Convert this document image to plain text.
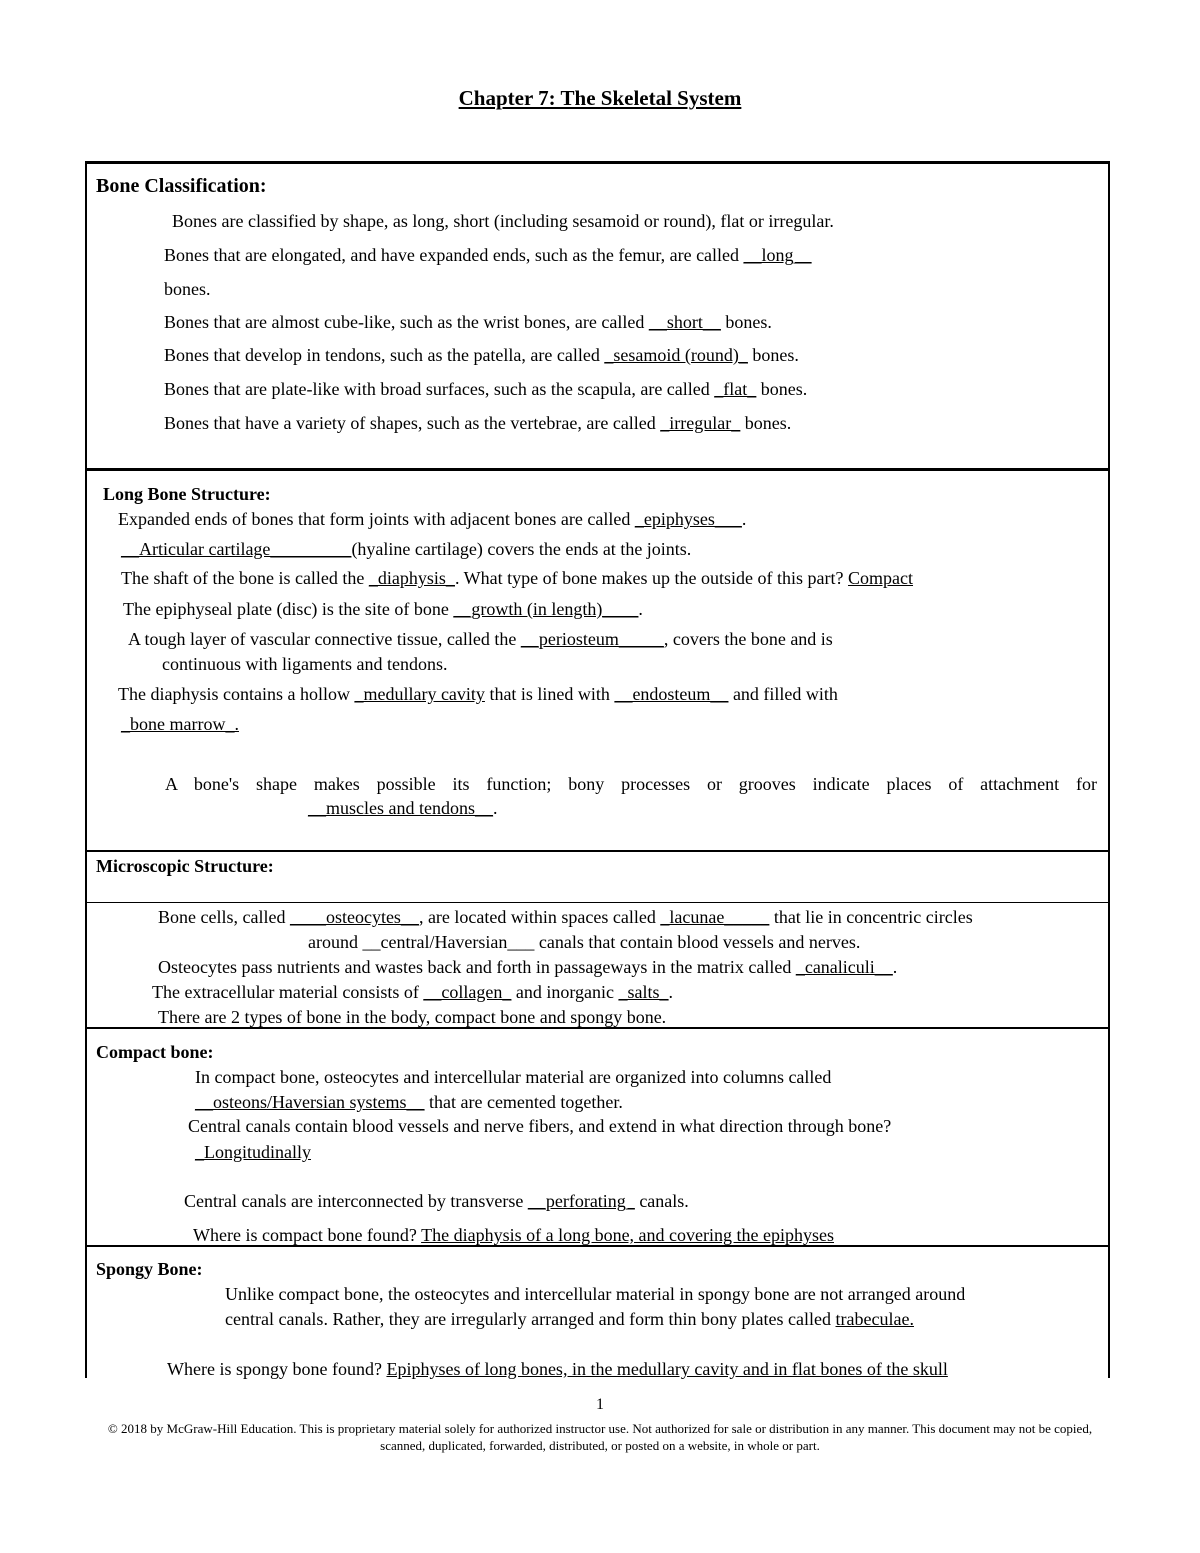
Chapter 7: The Skeletal System
Bone Classification:
Bones are classified by shape, as long, short (including sesamoid or round), flat or irregular.
Bones that are elongated, and have expanded ends, such as the femur, are called __long__
bones.
Bones that are almost cube-like, such as the wrist bones, are called __short__ bones.
Bones that develop in tendons, such as the patella, are called _sesamoid (round)_ bones.
Bones that are plate-like with broad surfaces, such as the scapula, are called _flat_ bones.
Bones that have a variety of shapes, such as the vertebrae, are called _irregular_ bones.
Long Bone Structure:
Expanded ends of bones that form joints with adjacent bones are called _epiphyses___.
__Articular cartilage_________(hyaline cartilage) covers the ends at the joints.
The shaft of the bone is called the _diaphysis_. What type of bone makes up the outside of this part? Compact
The epiphyseal plate (disc) is the site of bone __growth (in length)____.
A tough layer of vascular connective tissue, called the __periosteum_____, covers the bone and is
continuous with ligaments and tendons.
The diaphysis contains a hollow _medullary cavity that is lined with __endosteum__ and filled with
_bone marrow_.
A bone's shape makes possible its function; bony processes or grooves indicate places of attachment for
__muscles and tendons__.
Microscopic Structure:
Bone cells, called ____osteocytes__, are located within spaces called _lacunae_____ that lie in concentric circles
around __central/Haversian___ canals that contain blood vessels and nerves.
Osteocytes pass nutrients and wastes back and forth in passageways in the matrix called _canaliculi__.
The extracellular material consists of __collagen_ and inorganic _salts_.
There are 2 types of bone in the body, compact bone and spongy bone.
Compact bone:
In compact bone, osteocytes and intercellular material are organized into columns called
__osteons/Haversian systems__ that are cemented together.
Central canals contain blood vessels and nerve fibers, and extend in what direction through bone?
_Longitudinally
Central canals are interconnected by transverse __perforating_ canals.
Where is compact bone found? The diaphysis of a long bone, and covering the epiphyses
Spongy Bone:
Unlike compact bone, the osteocytes and intercellular material in spongy bone are not arranged around
central canals. Rather, they are irregularly arranged and form thin bony plates called trabeculae.
Where is spongy bone found? Epiphyses of long bones, in the medullary cavity and in flat bones of the skull
1
© 2018 by McGraw-Hill Education. This is proprietary material solely for authorized instructor use. Not authorized for sale or distribution in any manner. This document may not be copied, scanned, duplicated, forwarded, distributed, or posted on a website, in whole or part.
